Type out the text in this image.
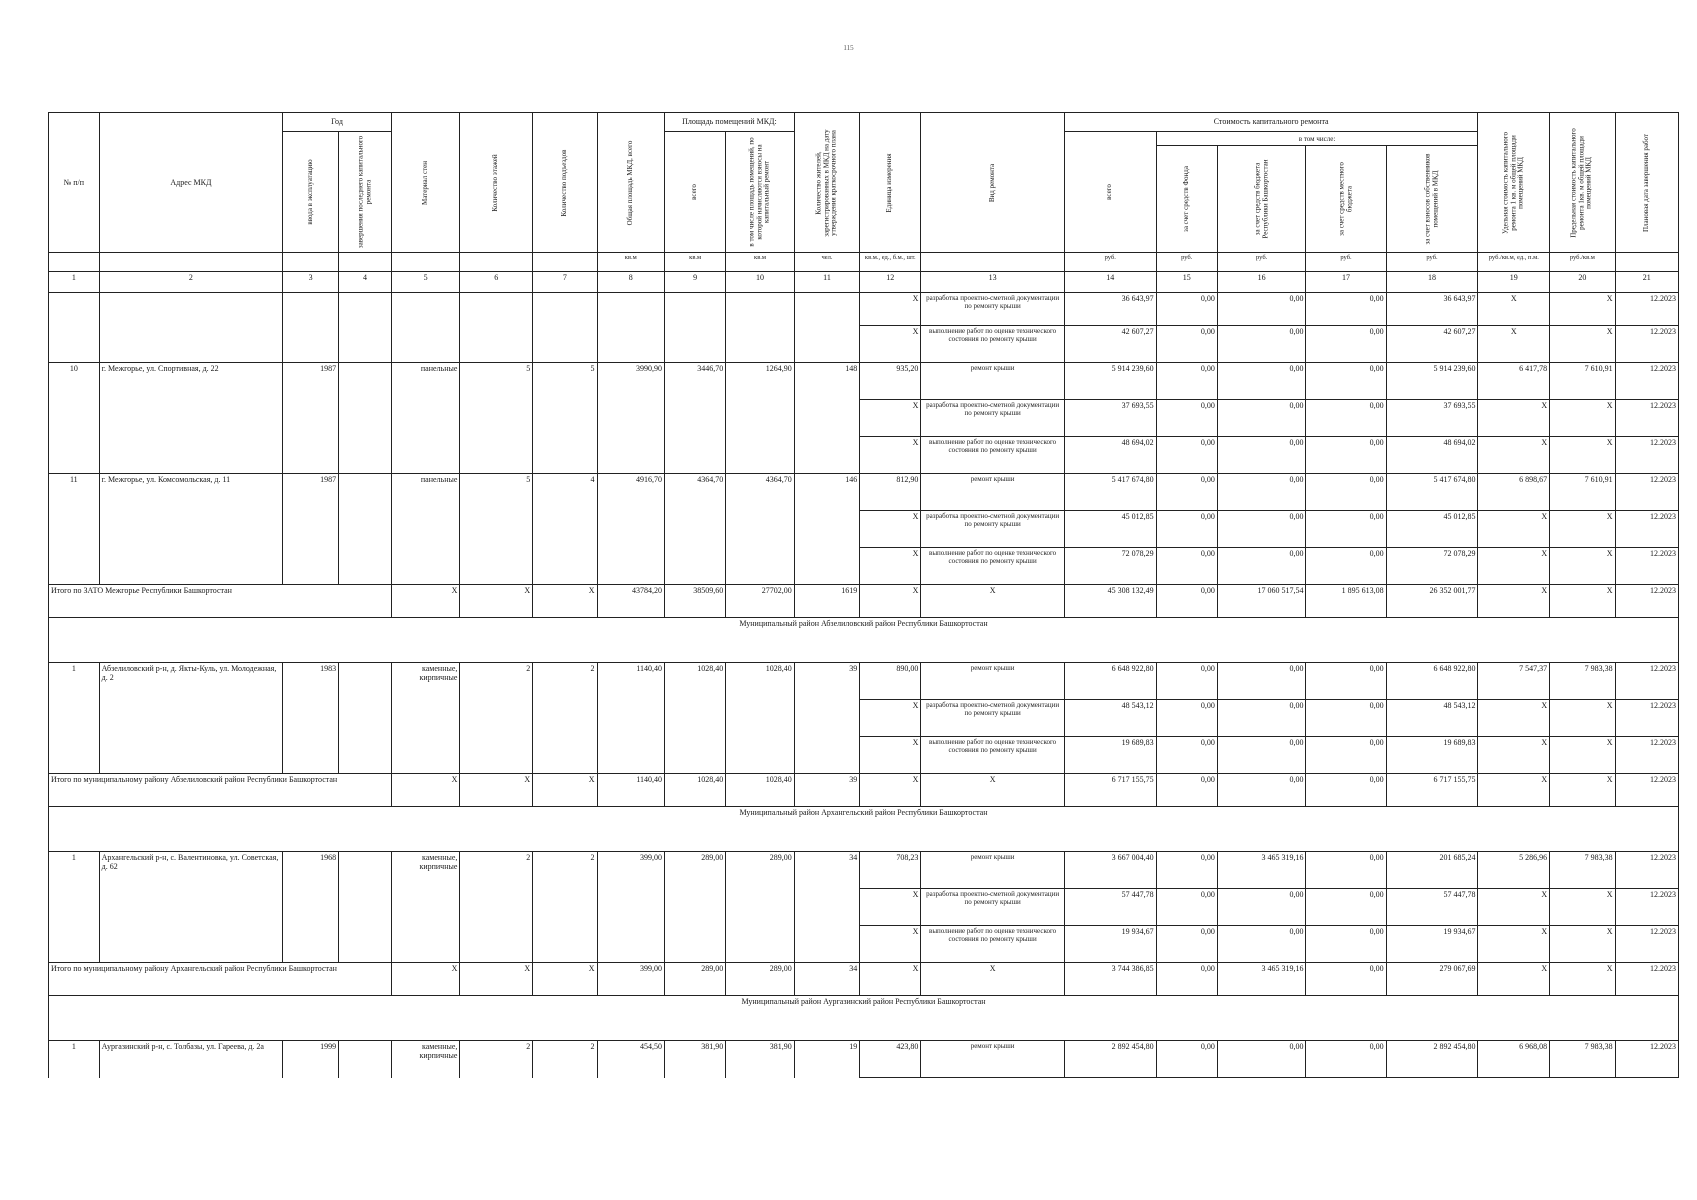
115
№ п/п	Адрес МКД	Год		Материал стен	Количество этажей	Количество подъездов	Общая площадь МКД, всего	Площадь помещений МКД:		Количество жителей, зарегистрированных в МКД на дату утверждения краткосрочного плана	Единица измерения	Вид ремонта	Стоимость капитального ремонта					Удельная стоимость капитального ремонта 1 кв. м общей площади помещений МКД	Предельная стоимость капитального ремонта 1кв. м общей площади помещений МКД	Плановая дата завершения работ

		ввода в эксплуатацию	завершения последнего капитального ремонта					всего	в том числе площадь помещений, по которой начисляются взносы на капитальный ремонт				всего	в том числе:						

														за счет средств Фонда	за счет средств бюджета Республики Башкортостан	за счет средств местного бюджета	за счет взносов собственников помещений в МКД			

							кв.м	кв.м	кв.м	чел.	кв.м., ед., б.м., шт.		руб.	руб.	руб.	руб.	руб.	руб./кв.м, ед., п.м.	руб./кв.м	
1	2	3	4	5	6	7	8	9	10	11	12	13	14	15	16	17	18	19	20	21
											X	разработка проектно-сметной документации по ремонту крыши	36 643,97	0,00	0,00	0,00	36 643,97	X	X	12.2023
											X	выполнение работ по оценке технического состояния по ремонту крыши	42 607,27	0,00	0,00	0,00	42 607,27	X	X	12.2023
10	г. Межгорье, ул. Спортивная, д. 22	1987		панельные	5	5	3990,90	3446,70	1264,90	148	935,20	ремонт крыши	5 914 239,60	0,00	0,00	0,00	5 914 239,60	6 417,78	7 610,91	12.2023
											X	разработка проектно-сметной документации по ремонту крыши	37 693,55	0,00	0,00	0,00	37 693,55	X	X	12.2023
											X	выполнение работ по оценке технического состояния по ремонту крыши	48 694,02	0,00	0,00	0,00	48 694,02	X	X	12.2023
11	г. Межгорье, ул. Комсомольская, д. 11	1987		панельные	5	4	4916,70	4364,70	4364,70	146	812,90	ремонт крыши	5 417 674,80	0,00	0,00	0,00	5 417 674,80	6 898,67	7 610,91	12.2023
											X	разработка проектно-сметной документации по ремонту крыши	45 012,85	0,00	0,00	0,00	45 012,85	X	X	12.2023
											X	выполнение работ по оценке технического состояния по ремонту крыши	72 078,29	0,00	0,00	0,00	72 078,29	X	X	12.2023
Итого по ЗАТО Межгорье Республики Башкортостан				X	X	X	43784,20	38509,60	27702,00	1619	X	X	45 308 132,49	0,00	17 060 517,54	1 895 613,08	26 352 001,77	X	X	12.2023
Муниципальный район Абзелиловский район Республики Башкортостан																				
1	Абзелиловский р-н, д. Якты-Куль, ул. Молодежная, д. 2	1983		каменные, кирпичные	2	2	1140,40	1028,40	1028,40	39	890,00	ремонт крыши	6 648 922,80	0,00	0,00	0,00	6 648 922,80	7 547,37	7 983,38	12.2023
											X	разработка проектно-сметной документации по ремонту крыши	48 543,12	0,00	0,00	0,00	48 543,12	X	X	12.2023
											X	выполнение работ по оценке технического состояния по ремонту крыши	19 689,83	0,00	0,00	0,00	19 689,83	X	X	12.2023
Итого по муниципальному району Абзелиловский район Республики Башкортостан				X	X	X	1140,40	1028,40	1028,40	39	X	X	6 717 155,75	0,00	0,00	0,00	6 717 155,75	X	X	12.2023
Муниципальный район Архангельский район Республики Башкортостан																				
1	Архангельский р-н, с. Валентиновка, ул. Советская, д. 62	1968		каменные, кирпичные	2	2	399,00	289,00	289,00	34	708,23	ремонт крыши	3 667 004,40	0,00	3 465 319,16	0,00	201 685,24	5 286,96	7 983,38	12.2023
											X	разработка проектно-сметной документации по ремонту крыши	57 447,78	0,00	0,00	0,00	57 447,78	X	X	12.2023
											X	выполнение работ по оценке технического состояния по ремонту крыши	19 934,67	0,00	0,00	0,00	19 934,67	X	X	12.2023
Итого по муниципальному району Архангельский район Республики Башкортостан				X	X	X	399,00	289,00	289,00	34	X	X	3 744 386,85	0,00	3 465 319,16	0,00	279 067,69	X	X	12.2023
Муниципальный район Аургазинский район Республики Башкортостан																				
1	Аургазинский р-н, с. Толбазы, ул. Гареева, д. 2а	1999		каменные, кирпичные	2	2	454,50	381,90	381,90	19	423,80	ремонт крыши	2 892 454,80	0,00	0,00	0,00	2 892 454,80	6 968,08	7 983,38	12.2023
